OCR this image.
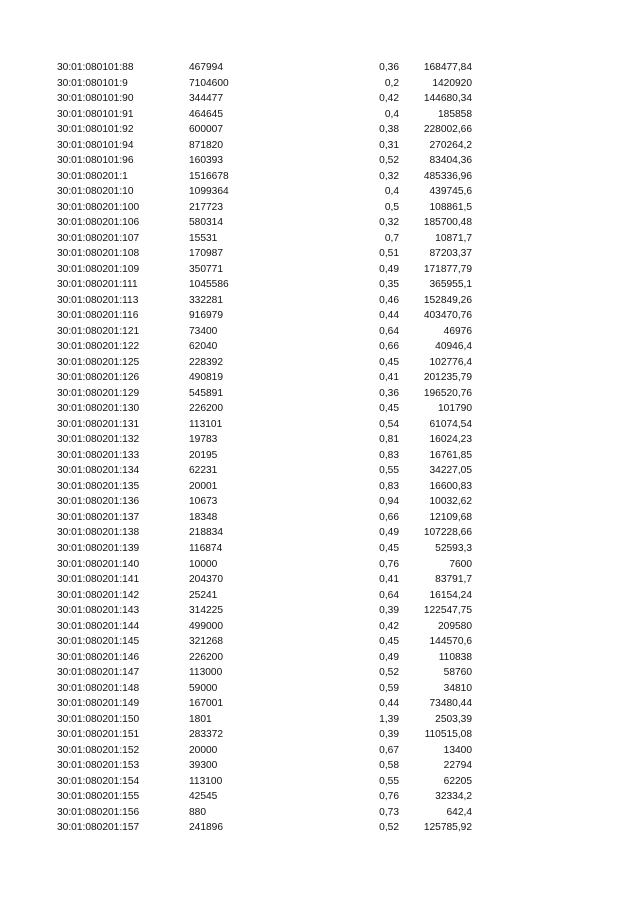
30:01:080101:88	467994	0,36 168477,84
30:01:080101:9	7104600	0,2	1420920
30:01:080101:90	344477	0,42 144680,34
30:01:080101:91	464645	0,4	185858
30:01:080101:92	600007	0,38 228002,66
30:01:080101:94	871820	0,31	270264,2
30:01:080101:96	160393	0,52	83404,36
30:01:080201:1	1516678	0,32 485336,96
30:01:080201:10	1099364	0,4	439745,6
30:01:080201:100	217723	0,5	108861,5
30:01:080201:106	580314	0,32 185700,48
30:01:080201:107	15531	0,7	10871,7
30:01:080201:108	170987	0,51	87203,37
30:01:080201:109	350771	0,49 171877,79
30:01:080201:111	1045586	0,35	365955,1
30:01:080201:113	332281	0,46 152849,26
30:01:080201:116	916979	0,44 403470,76
30:01:080201:121	73400	0,64	46976
30:01:080201:122	62040	0,66	40946,4
30:01:080201:125	228392	0,45	102776,4
30:01:080201:126	490819	0,41 201235,79
30:01:080201:129	545891	0,36 196520,76
30:01:080201:130	226200	0,45	101790
30:01:080201:131	113101	0,54	61074,54
30:01:080201:132	19783	0,81	16024,23
30:01:080201:133	20195	0,83	16761,85
30:01:080201:134	62231	0,55	34227,05
30:01:080201:135	20001	0,83	16600,83
30:01:080201:136	10673	0,94	10032,62
30:01:080201:137	18348	0,66	12109,68
30:01:080201:138	218834	0,49 107228,66
30:01:080201:139	116874	0,45	52593,3
30:01:080201:140	10000	0,76	7600
30:01:080201:141	204370	0,41	83791,7
30:01:080201:142	25241	0,64	16154,24
30:01:080201:143	314225	0,39 122547,75
30:01:080201:144	499000	0,42	209580
30:01:080201:145	321268	0,45	144570,6
30:01:080201:146	226200	0,49	110838
30:01:080201:147	113000	0,52	58760
30:01:080201:148	59000	0,59	34810
30:01:080201:149	167001	0,44	73480,44
30:01:080201:150	1801	1,39	2503,39
30:01:080201:151	283372	0,39	110515,08
30:01:080201:152	20000	0,67	13400
30:01:080201:153	39300	0,58	22794
30:01:080201:154	113100	0,55	62205
30:01:080201:155	42545	0,76	32334,2
30:01:080201:156	880	0,73	642,4
30:01:080201:157	241896	0,52 125785,92
